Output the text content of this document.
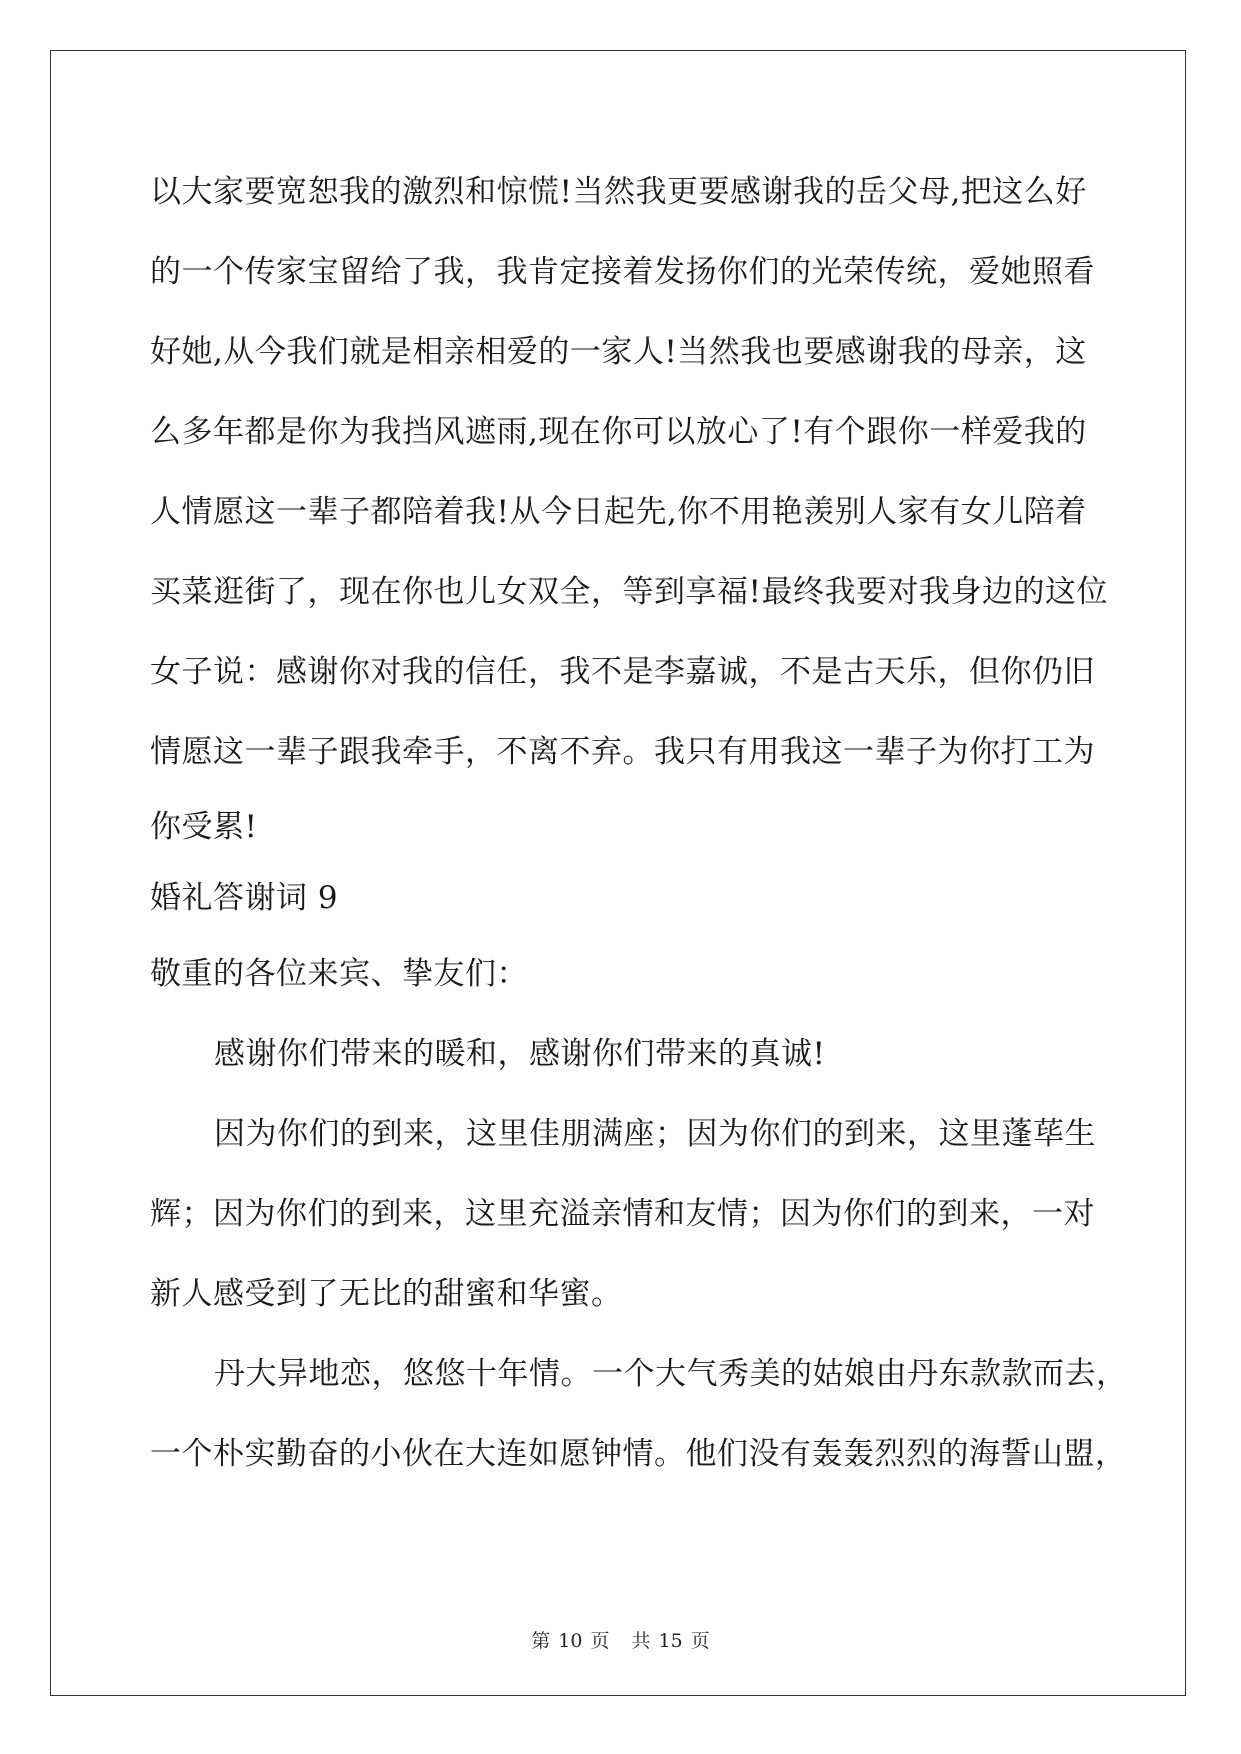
以大家要宽恕我的激烈和惊慌!当然我更要感谢我的岳父母,把这么好
的一个传家宝留给了我，我肯定接着发扬你们的光荣传统，爱她照看
好她,从今我们就是相亲相爱的一家人!当然我也要感谢我的母亲，这
么多年都是你为我挡风遮雨,现在你可以放心了!有个跟你一样爱我的
人情愿这一辈子都陪着我!从今日起先,你不用艳羡别人家有女儿陪着
买菜逛街了，现在你也儿女双全，等到享福!最终我要对我身边的这位
女子说：感谢你对我的信任，我不是李嘉诚，不是古天乐，但你仍旧
情愿这一辈子跟我牵手，不离不弃。我只有用我这一辈子为你打工为
你受累!
婚礼答谢词 9
敬重的各位来宾、挚友们：
感谢你们带来的暖和，感谢你们带来的真诚!
因为你们的到来，这里佳朋满座；因为你们的到来，这里蓬荜生
辉；因为你们的到来，这里充溢亲情和友情；因为你们的到来，一对
新人感受到了无比的甜蜜和华蜜。
丹大异地恋，悠悠十年情。一个大气秀美的姑娘由丹东款款而去，
一个朴实勤奋的小伙在大连如愿钟情。他们没有轰轰烈烈的海誓山盟，
第 10 页 共 15 页
